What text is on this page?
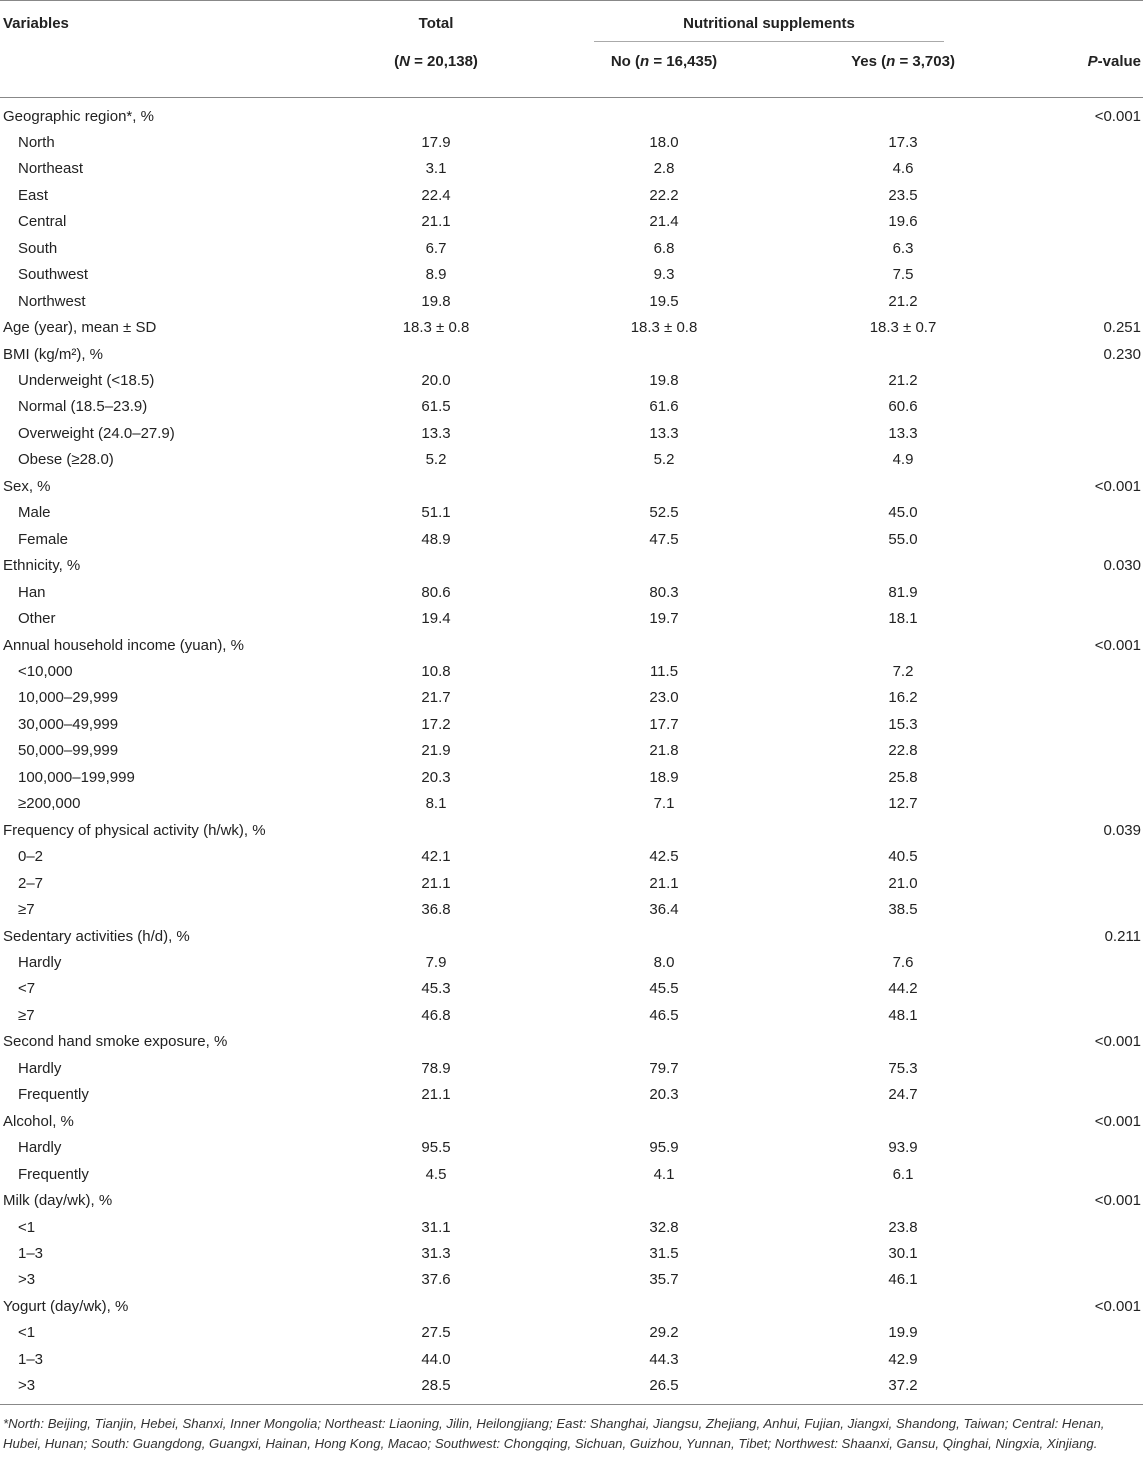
Variables	Total	Nutritional supplements	

	(N = 20,138)	No (n = 16,435)	Yes (n = 3,703)	P-value

Geographic region*, %				<0.001
North	17.9	18.0	17.3	
Northeast	3.1	2.8	4.6	
East	22.4	22.2	23.5	
Central	21.1	21.4	19.6	
South	6.7	6.8	6.3	
Southwest	8.9	9.3	7.5	
Northwest	19.8	19.5	21.2	
Age (year), mean ± SD	18.3 ± 0.8	18.3 ± 0.8	18.3 ± 0.7	0.251
BMI (kg/m²), %				0.230
Underweight (<18.5)	20.0	19.8	21.2	
Normal (18.5–23.9)	61.5	61.6	60.6	
Overweight (24.0–27.9)	13.3	13.3	13.3	
Obese (≥28.0)	5.2	5.2	4.9	
Sex, %				<0.001
Male	51.1	52.5	45.0	
Female	48.9	47.5	55.0	
Ethnicity, %				0.030
Han	80.6	80.3	81.9	
Other	19.4	19.7	18.1	
Annual household income (yuan), %				<0.001
<10,000	10.8	11.5	7.2	
10,000–29,999	21.7	23.0	16.2	
30,000–49,999	17.2	17.7	15.3	
50,000–99,999	21.9	21.8	22.8	
100,000–199,999	20.3	18.9	25.8	
≥200,000	8.1	7.1	12.7	
Frequency of physical activity (h/wk), %				0.039
0–2	42.1	42.5	40.5	
2–7	21.1	21.1	21.0	
≥7	36.8	36.4	38.5	
Sedentary activities (h/d), %				0.211
Hardly	7.9	8.0	7.6	
<7	45.3	45.5	44.2	
≥7	46.8	46.5	48.1	
Second hand smoke exposure, %				<0.001
Hardly	78.9	79.7	75.3	
Frequently	21.1	20.3	24.7	
Alcohol, %				<0.001
Hardly	95.5	95.9	93.9	
Frequently	4.5	4.1	6.1	
Milk (day/wk), %				<0.001
<1	31.1	32.8	23.8	
1–3	31.3	31.5	30.1	
>3	37.6	35.7	46.1	
Yogurt (day/wk), %				<0.001
<1	27.5	29.2	19.9	
1–3	44.0	44.3	42.9	
>3	28.5	26.5	37.2	
*North: Beijing, Tianjin, Hebei, Shanxi, Inner Mongolia; Northeast: Liaoning, Jilin, Heilongjiang; East: Shanghai, Jiangsu, Zhejiang, Anhui, Fujian, Jiangxi, Shandong, Taiwan; Central: Henan, Hubei, Hunan; South: Guangdong, Guangxi, Hainan, Hong Kong, Macao; Southwest: Chongqing, Sichuan, Guizhou, Yunnan, Tibet; Northwest: Shaanxi, Gansu, Qinghai, Ningxia, Xinjiang.
